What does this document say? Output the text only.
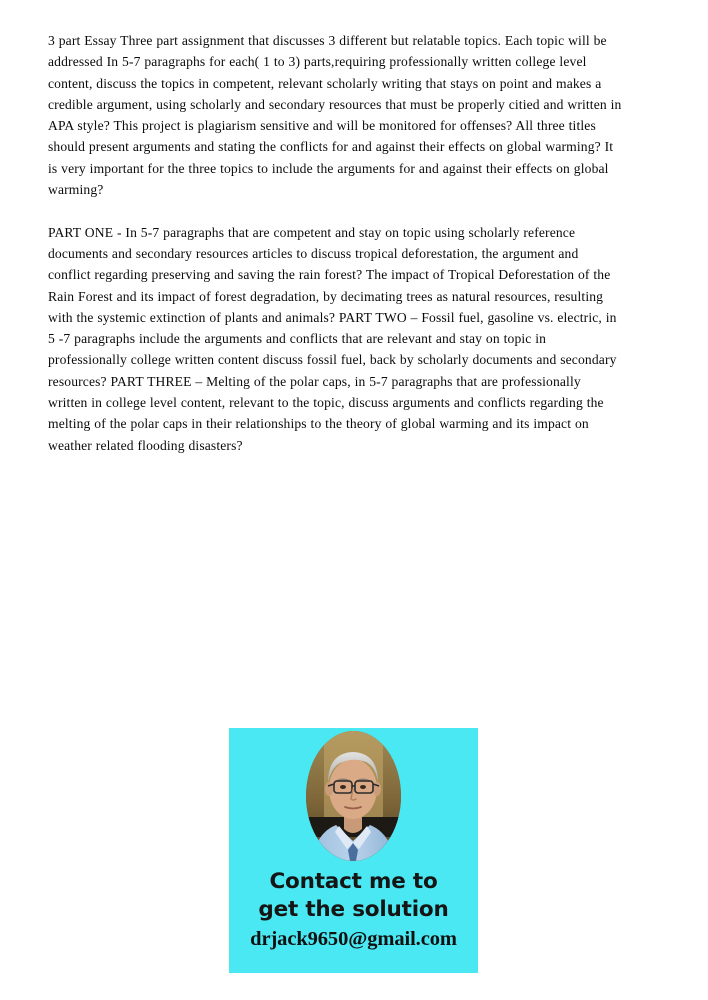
3 part Essay Three part assignment that discusses 3 different but relatable topics. Each topic will be addressed In 5-7 paragraphs for each( 1 to 3) parts,requiring professionally written college level content, discuss the topics in competent, relevant scholarly writing that stays on point and makes a credible argument, using scholarly and secondary resources that must be properly citied and written in APA style? This project is plagiarism sensitive and will be monitored for offenses? All three titles should present arguments and stating the conflicts for and against their effects on global warming? It is very important for the three topics to include the arguments for and against their effects on global warming?

PART ONE - In 5-7 paragraphs that are competent and stay on topic using scholarly reference documents and secondary resources articles to discuss tropical deforestation, the argument and conflict regarding preserving and saving the rain forest? The impact of Tropical Deforestation of the Rain Forest and its impact of forest degradation, by decimating trees as natural resources, resulting with the systemic extinction of plants and animals? PART TWO – Fossil fuel, gasoline vs. electric, in 5 -7 paragraphs include the arguments and conflicts that are relevant and stay on topic in professionally college written content discuss fossil fuel, back by scholarly documents and secondary resources? PART THREE – Melting of the polar caps, in 5-7 paragraphs that are professionally written in college level content, relevant to the topic, discuss arguments and conflicts regarding the melting of the polar caps in their relationships to the theory of global warming and its impact on weather related flooding disasters?

Contact me to
get the solution
drjack9650@gmail.com
